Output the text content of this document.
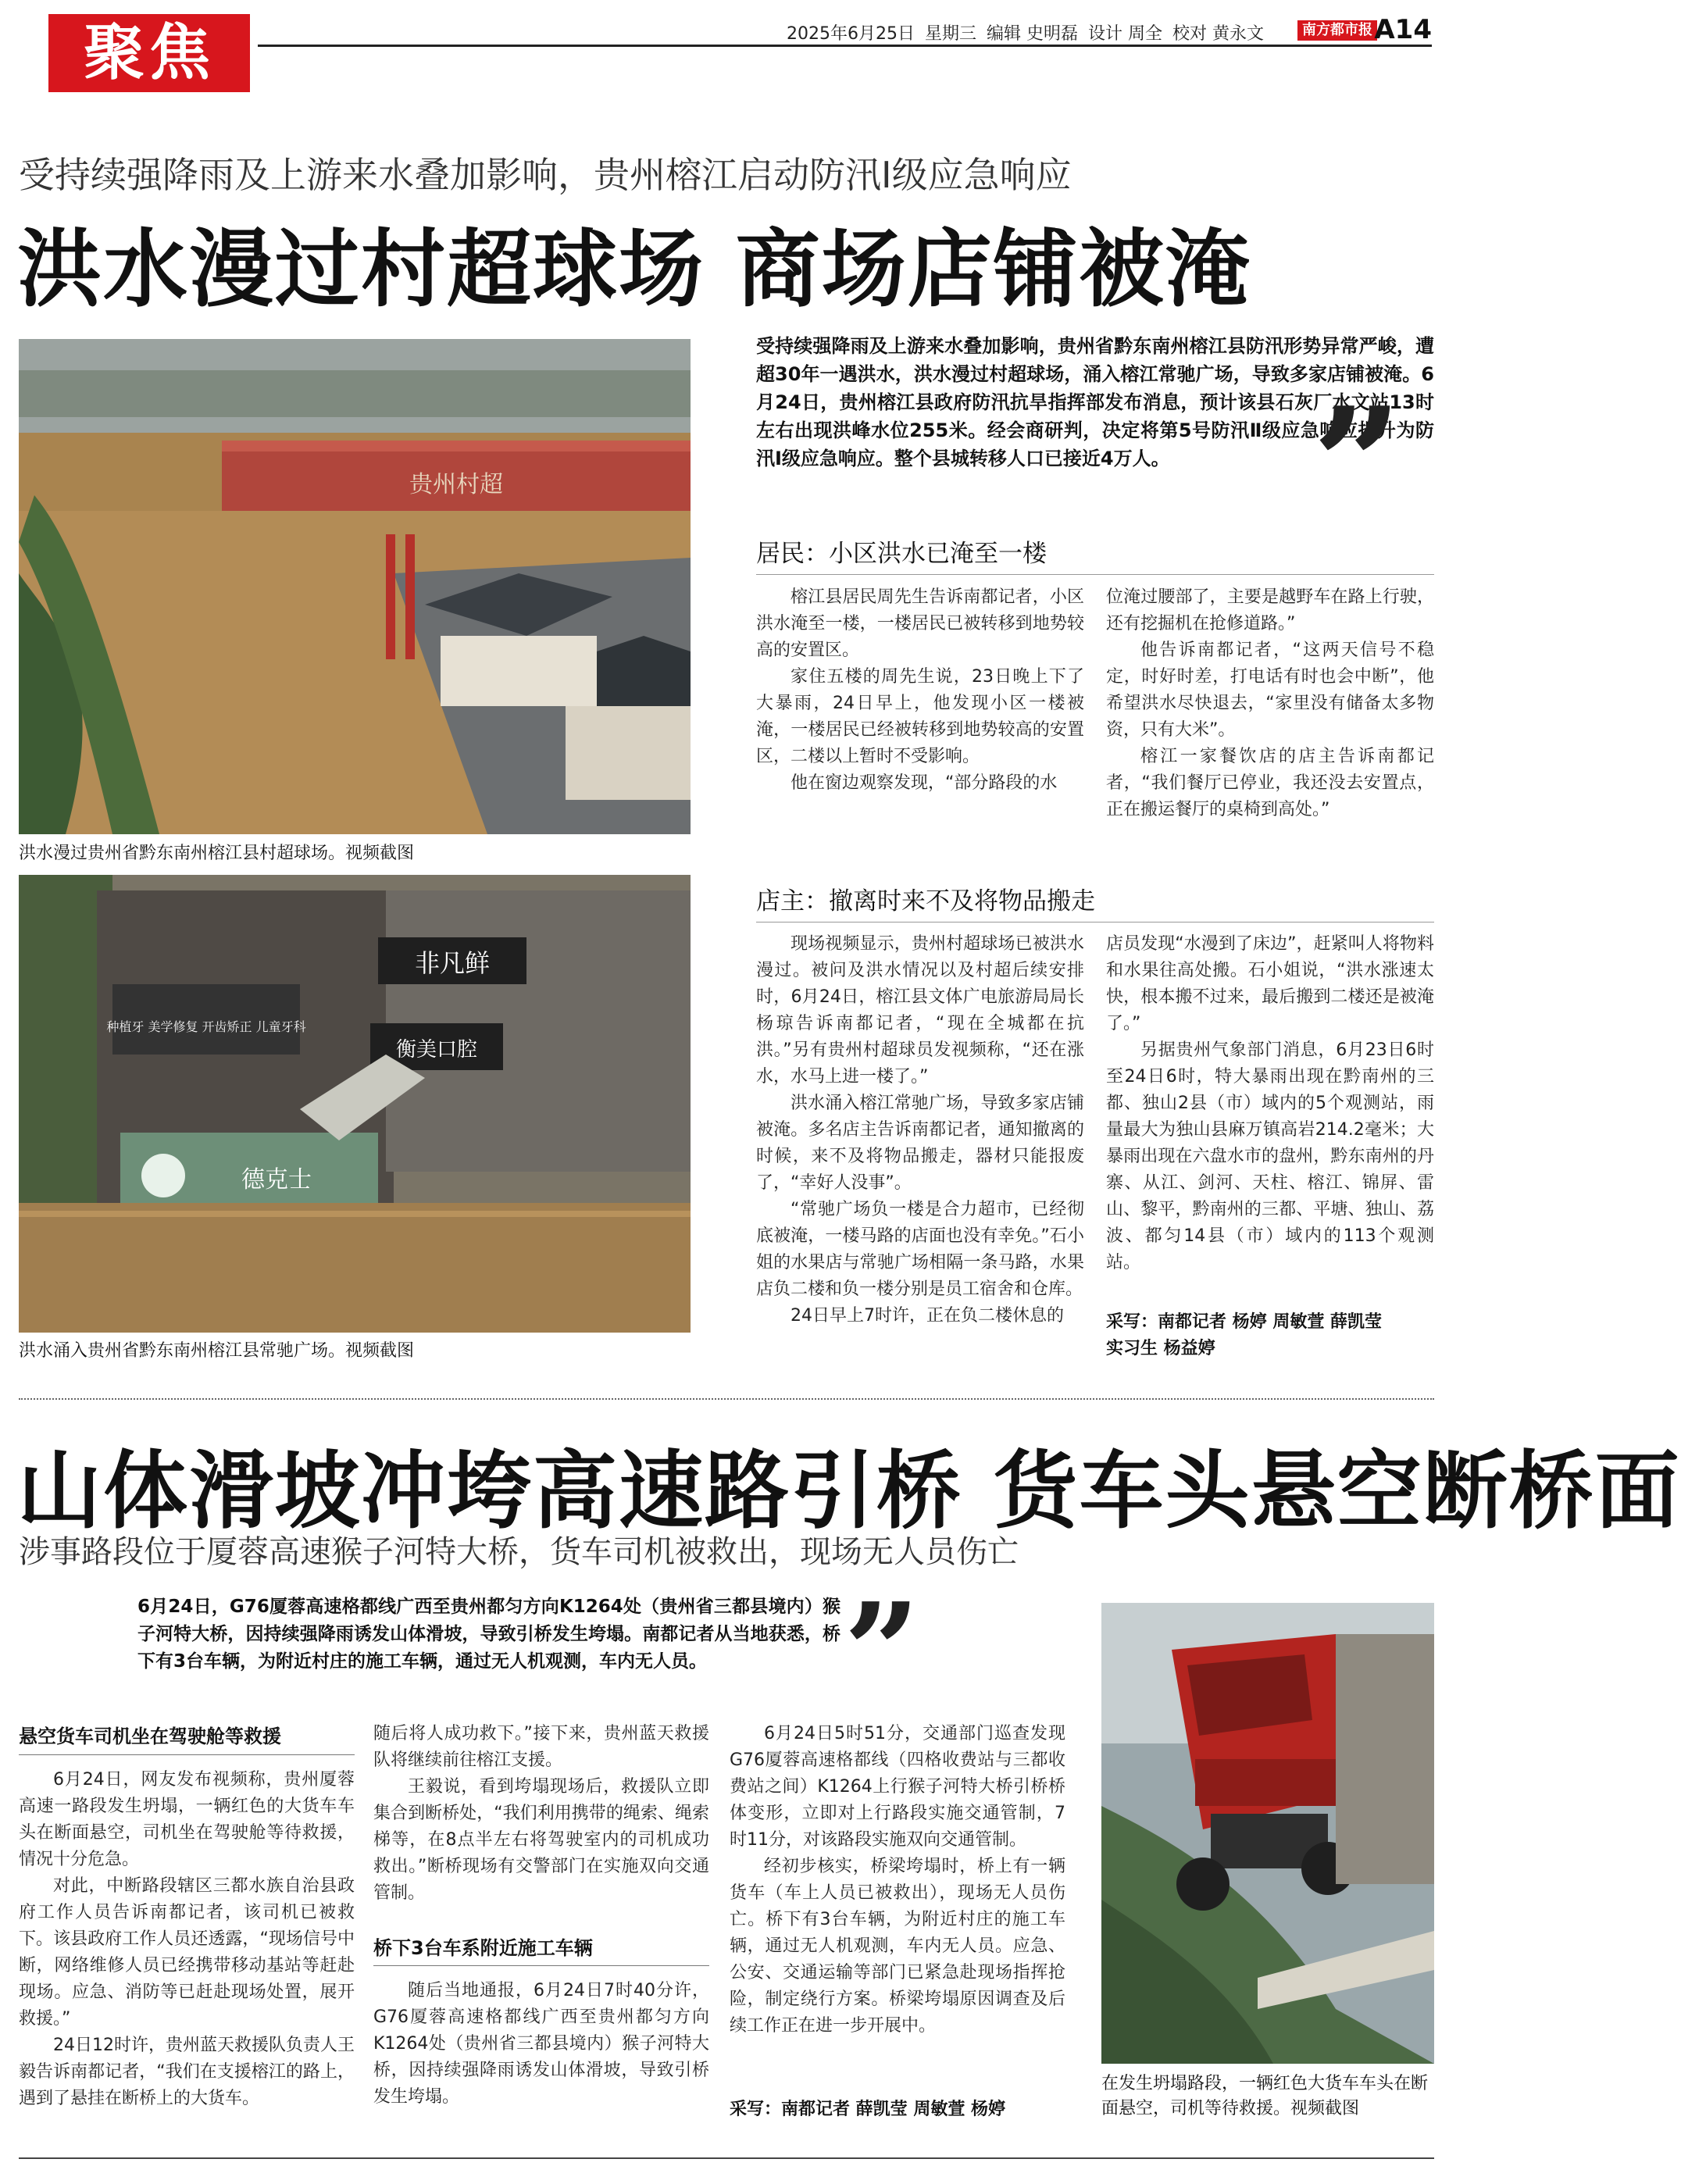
聚焦	2025年6月25日 星期三 编辑 史明磊 设计 周全 校对 黄永文	南方都市报 A14
受持续强降雨及上游来水叠加影响，贵州榕江启动防汛Ⅰ级应急响应
洪水漫过村超球场 商场店铺被淹
贵州村超
洪水漫过贵州省黔东南州榕江县村超球场。视频截图
种植牙 美学修复 开齿矫正 儿童牙科
非凡鲜
衡美口腔
德克士
洪水涌入贵州省黔东南州榕江县常驰广场。视频截图
受持续强降雨及上游来水叠加影响，贵州省黔东南州榕江县防汛形势异常严峻，遭超30年一遇洪水，洪水漫过村超球场，涌入榕江常驰广场，导致多家店铺被淹。6月24日，贵州榕江县政府防汛抗旱指挥部发布消息，预计该县石灰厂水文站13时左右出现洪峰水位255米。经会商研判，决定将第5号防汛Ⅱ级应急响应提升为防汛Ⅰ级应急响应。整个县城转移人口已接近4万人。 ”
居民：小区洪水已淹至一楼

榕江县居民周先生告诉南都记者，小区洪水淹至一楼，一楼居民已被转移到地势较高的安置区。

家住五楼的周先生说，23日晚上下了大暴雨，24日早上，他发现小区一楼被淹，一楼居民已经被转移到地势较高的安置区，二楼以上暂时不受影响。

他在窗边观察发现，“部分路段的水

位淹过腰部了，主要是越野车在路上行驶，还有挖掘机在抢修道路。”

他告诉南都记者，“这两天信号不稳定，时好时差，打电话有时也会中断”，他希望洪水尽快退去，“家里没有储备太多物资，只有大米”。

榕江一家餐饮店的店主告诉南都记者，“我们餐厅已停业，我还没去安置点，正在搬运餐厅的桌椅到高处。”

店主：撤离时来不及将物品搬走

现场视频显示，贵州村超球场已被洪水漫过。被问及洪水情况以及村超后续安排时，6月24日，榕江县文体广电旅游局局长杨琼告诉南都记者，“现在全城都在抗洪。”另有贵州村超球员发视频称，“还在涨水，水马上进一楼了。”

洪水涌入榕江常驰广场，导致多家店铺被淹。多名店主告诉南都记者，通知撤离的时候，来不及将物品搬走，器材只能报废了，“幸好人没事”。

“常驰广场负一楼是合力超市，已经彻底被淹，一楼马路的店面也没有幸免。”石小姐的水果店与常驰广场相隔一条马路，水果店负二楼和负一楼分别是员工宿舍和仓库。

24日早上7时许，正在负二楼休息的

店员发现“水漫到了床边”，赶紧叫人将物料和水果往高处搬。石小姐说，“洪水涨速太快，根本搬不过来，最后搬到二楼还是被淹了。”

另据贵州气象部门消息，6月23日6时至24日6时，特大暴雨出现在黔南州的三都、独山2县（市）域内的5个观测站，雨量最大为独山县麻万镇高岩214.2毫米；大暴雨出现在六盘水市的盘州，黔东南州的丹寨、从江、剑河、天柱、榕江、锦屏、雷山、黎平，黔南州的三都、平塘、独山、荔波、都匀14县（市）域内的113个观测站。

采写：南都记者 杨婷 周敏萱 薛凯莹
实习生 杨益婷
山体滑坡冲垮高速路引桥 货车头悬空断桥面
涉事路段位于厦蓉高速猴子河特大桥，货车司机被救出，现场无人员伤亡
6月24日，G76厦蓉高速格都线广西至贵州都匀方向K1264处（贵州省三都县境内）猴子河特大桥，因持续强降雨诱发山体滑坡，导致引桥发生垮塌。南都记者从当地获悉，桥下有3台车辆，为附近村庄的施工车辆，通过无人机观测，车内无人员。	”
悬空货车司机坐在驾驶舱等救援

6月24日，网友发布视频称，贵州厦蓉高速一路段发生坍塌，一辆红色的大货车车头在断面悬空，司机坐在驾驶舱等待救援，情况十分危急。

对此，中断路段辖区三都水族自治县政府工作人员告诉南都记者，该司机已被救下。该县政府工作人员还透露，“现场信号中断，网络维修人员已经携带移动基站等赶赴现场。应急、消防等已赶赴现场处置，展开救援。”

24日12时许，贵州蓝天救援队负责人王毅告诉南都记者，“我们在支援榕江的路上，遇到了悬挂在断桥上的大货车。

随后将人成功救下。”接下来，贵州蓝天救援队将继续前往榕江支援。

王毅说，看到垮塌现场后，救援队立即集合到断桥处，“我们利用携带的绳索、绳索梯等，在8点半左右将驾驶室内的司机成功救出。”断桥现场有交警部门在实施双向交通管制。

桥下3台车系附近施工车辆

随后当地通报，6月24日7时40分许，G76厦蓉高速格都线广西至贵州都匀方向K1264处（贵州省三都县境内）猴子河特大桥，因持续强降雨诱发山体滑坡，导致引桥发生垮塌。

6月24日5时51分，交通部门巡查发现G76厦蓉高速格都线（四格收费站与三都收费站之间）K1264上行猴子河特大桥引桥桥体变形，立即对上行路段实施交通管制，7时11分，对该路段实施双向交通管制。

经初步核实，桥梁垮塌时，桥上有一辆货车（车上人员已被救出），现场无人员伤亡。桥下有3台车辆，为附近村庄的施工车辆，通过无人机观测，车内无人员。应急、公安、交通运输等部门已紧急赴现场指挥抢险，制定绕行方案。桥梁垮塌原因调查及后续工作正在进一步开展中。

采写：南都记者 薛凯莹 周敏萱 杨婷
在发生坍塌路段，一辆红色大货车车头在断面悬空，司机等待救援。视频截图
